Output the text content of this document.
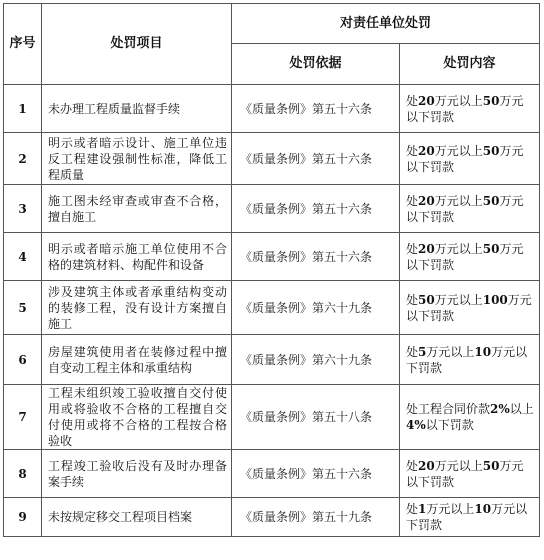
序号	处罚项目	对责任单位处罚	
		处罚依据	处罚内容
1	未办理工程质量监督手续	《质量条例》第五十六条	处20万元以上50万元以下罚款
2	明示或者暗示设计、施工单位违反工程建设强制性标准，降低工程质量	《质量条例》第五十六条	处20万元以上50万元以下罚款
3	施工图未经审查或审查不合格，擅自施工	《质量条例》第五十六条	处20万元以上50万元以下罚款
4	明示或者暗示施工单位使用不合格的建筑材料、构配件和设备	《质量条例》第五十六条	处20万元以上50万元以下罚款
5	涉及建筑主体或者承重结构变动的装修工程，没有设计方案擅自施工	《质量条例》第六十九条	处50万元以上100万元以下罚款
6	房屋建筑使用者在装修过程中擅自变动工程主体和承重结构	《质量条例》第六十九条	处5万元以上10万元以下罚款
7	工程未组织竣工验收擅自交付使用或将验收不合格的工程擅自交付使用或将不合格的工程按合格验收	《质量条例》第五十八条	处工程合同价款2%以上4%以下罚款
8	工程竣工验收后没有及时办理备案手续	《质量条例》第五十六条	处20万元以上50万元以下罚款
9	未按规定移交工程项目档案	《质量条例》第五十九条	处1万元以上10万元以下罚款
